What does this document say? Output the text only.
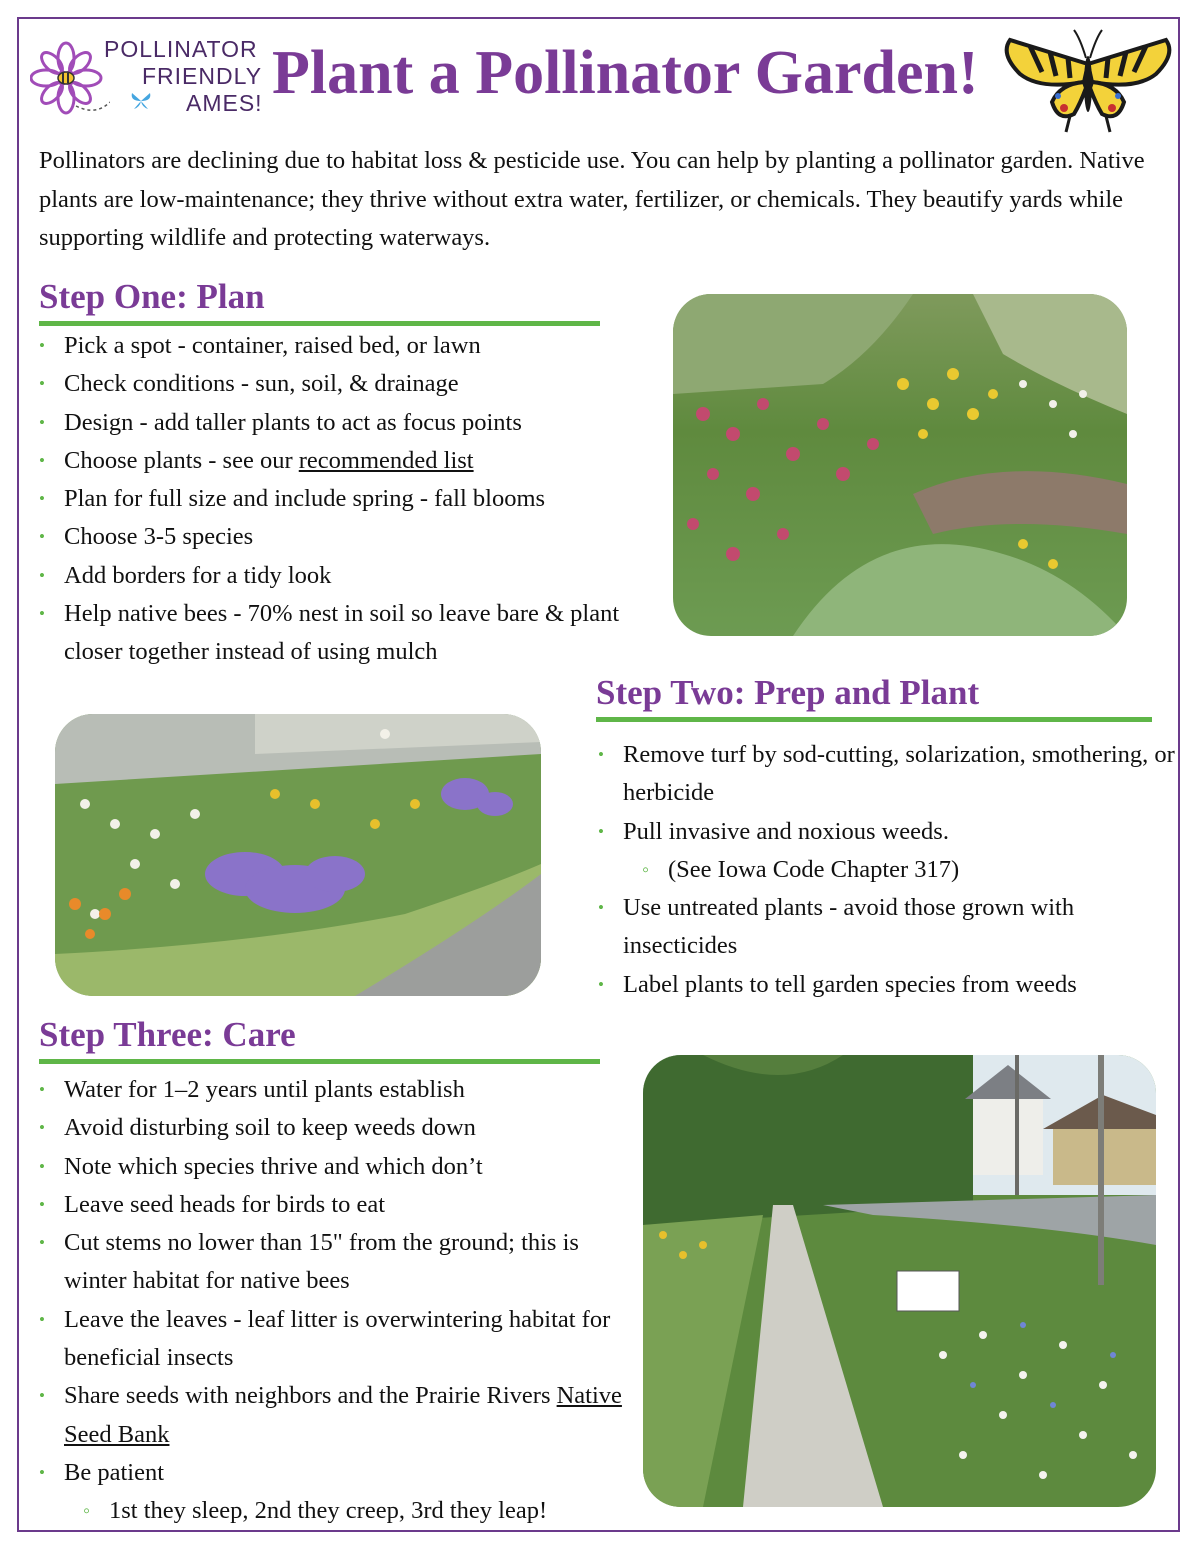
POLLINATOR
FRIENDLY
AMES! Plant a Pollinator Garden!

Pollinators are declining due to habitat loss & pesticide use. You can help by planting a pollinator garden. Native plants are low-maintenance; they thrive without extra water, fertilizer, or chemicals. They beautify yards while supporting wildlife and protecting waterways.

Step One: Plan
• Pick a spot - container, raised bed, or lawn
• Check conditions - sun, soil, & drainage
• Design - add taller plants to act as focus points
• Choose plants - see our recommended list
• Plan for full size and include spring - fall blooms
• Choose 3-5 species
• Add borders for a tidy look
• Help native bees - 70% nest in soil so leave bare & plant closer together instead of using mulch
Step Two: Prep and Plant
• Remove turf by sod-cutting, solarization, smothering, or herbicide
• Pull invasive and noxious weeds.
◦ (See Iowa Code Chapter 317)
• Use untreated plants - avoid those grown with insecticides
• Label plants to tell garden species from weeds
Step Three: Care
• Water for 1–2 years until plants establish
• Avoid disturbing soil to keep weeds down
• Note which species thrive and which don’t
• Leave seed heads for birds to eat
• Cut stems no lower than 15" from the ground; this is winter habitat for native bees
• Leave the leaves - leaf litter is overwintering habitat for beneficial insects
• Share seeds with neighbors and the Prairie Rivers Native Seed Bank
• Be patient
◦ 1st they sleep, 2nd they creep, 3rd they leap!
